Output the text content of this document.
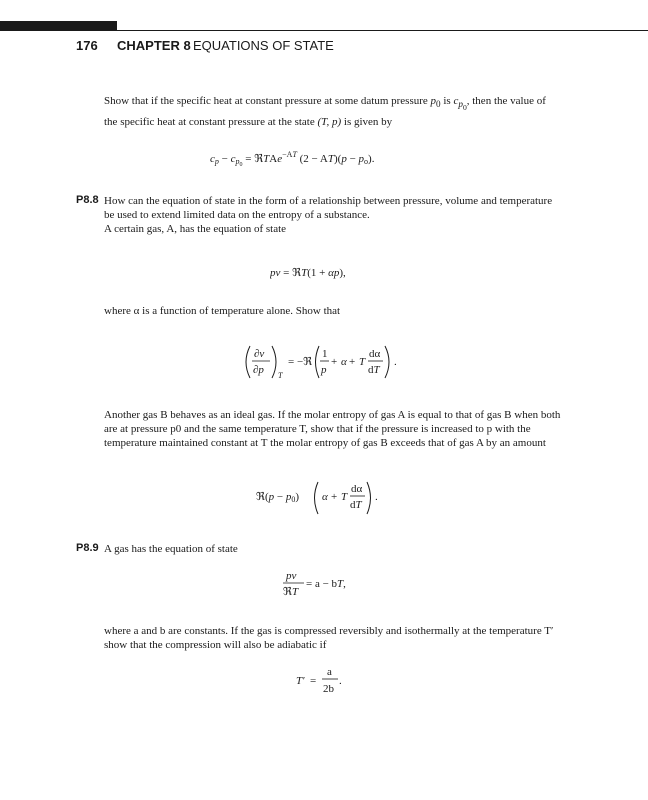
176 CHAPTER 8 EQUATIONS OF STATE

Show that if the specific heat at constant pressure at some datum pressure $p_0$ is $c_{p_0}$, then the value of the specific heat at constant pressure at the state (T, p) is given by

cp − cp0 = ℜTAe$^{-A}$T (2 − AT)(p − po).
P8.8 How can the equation of state in the form of a relationship between pressure, volume and temperature be used to extend limited data on the entropy of a substance.
A certain gas, A, has the equation of state

pv = ℜT(1 + αp),

where α is a function of temperature alone. Show that

∂v
∂p T
= −ℜ
1
p
+ α + T
dα
dT
.

Another gas B behaves as an ideal gas. If the molar entropy of gas A is equal to that of gas B when both are at pressure p0 and the same temperature T, show that if the pressure is increased to p with the temperature maintained constant at T the molar entropy of gas B exceeds that of gas A by an amount

ℜ(p − p0) α + T
dα
dT
.
P8.9 A gas has the equation of state

pv
ℜT
= a − bT,

where a and b are constants. If the gas is compressed reversibly and isothermally at the temperature T′ show that the compression will also be adiabatic if

T′ =
a
2b
.
